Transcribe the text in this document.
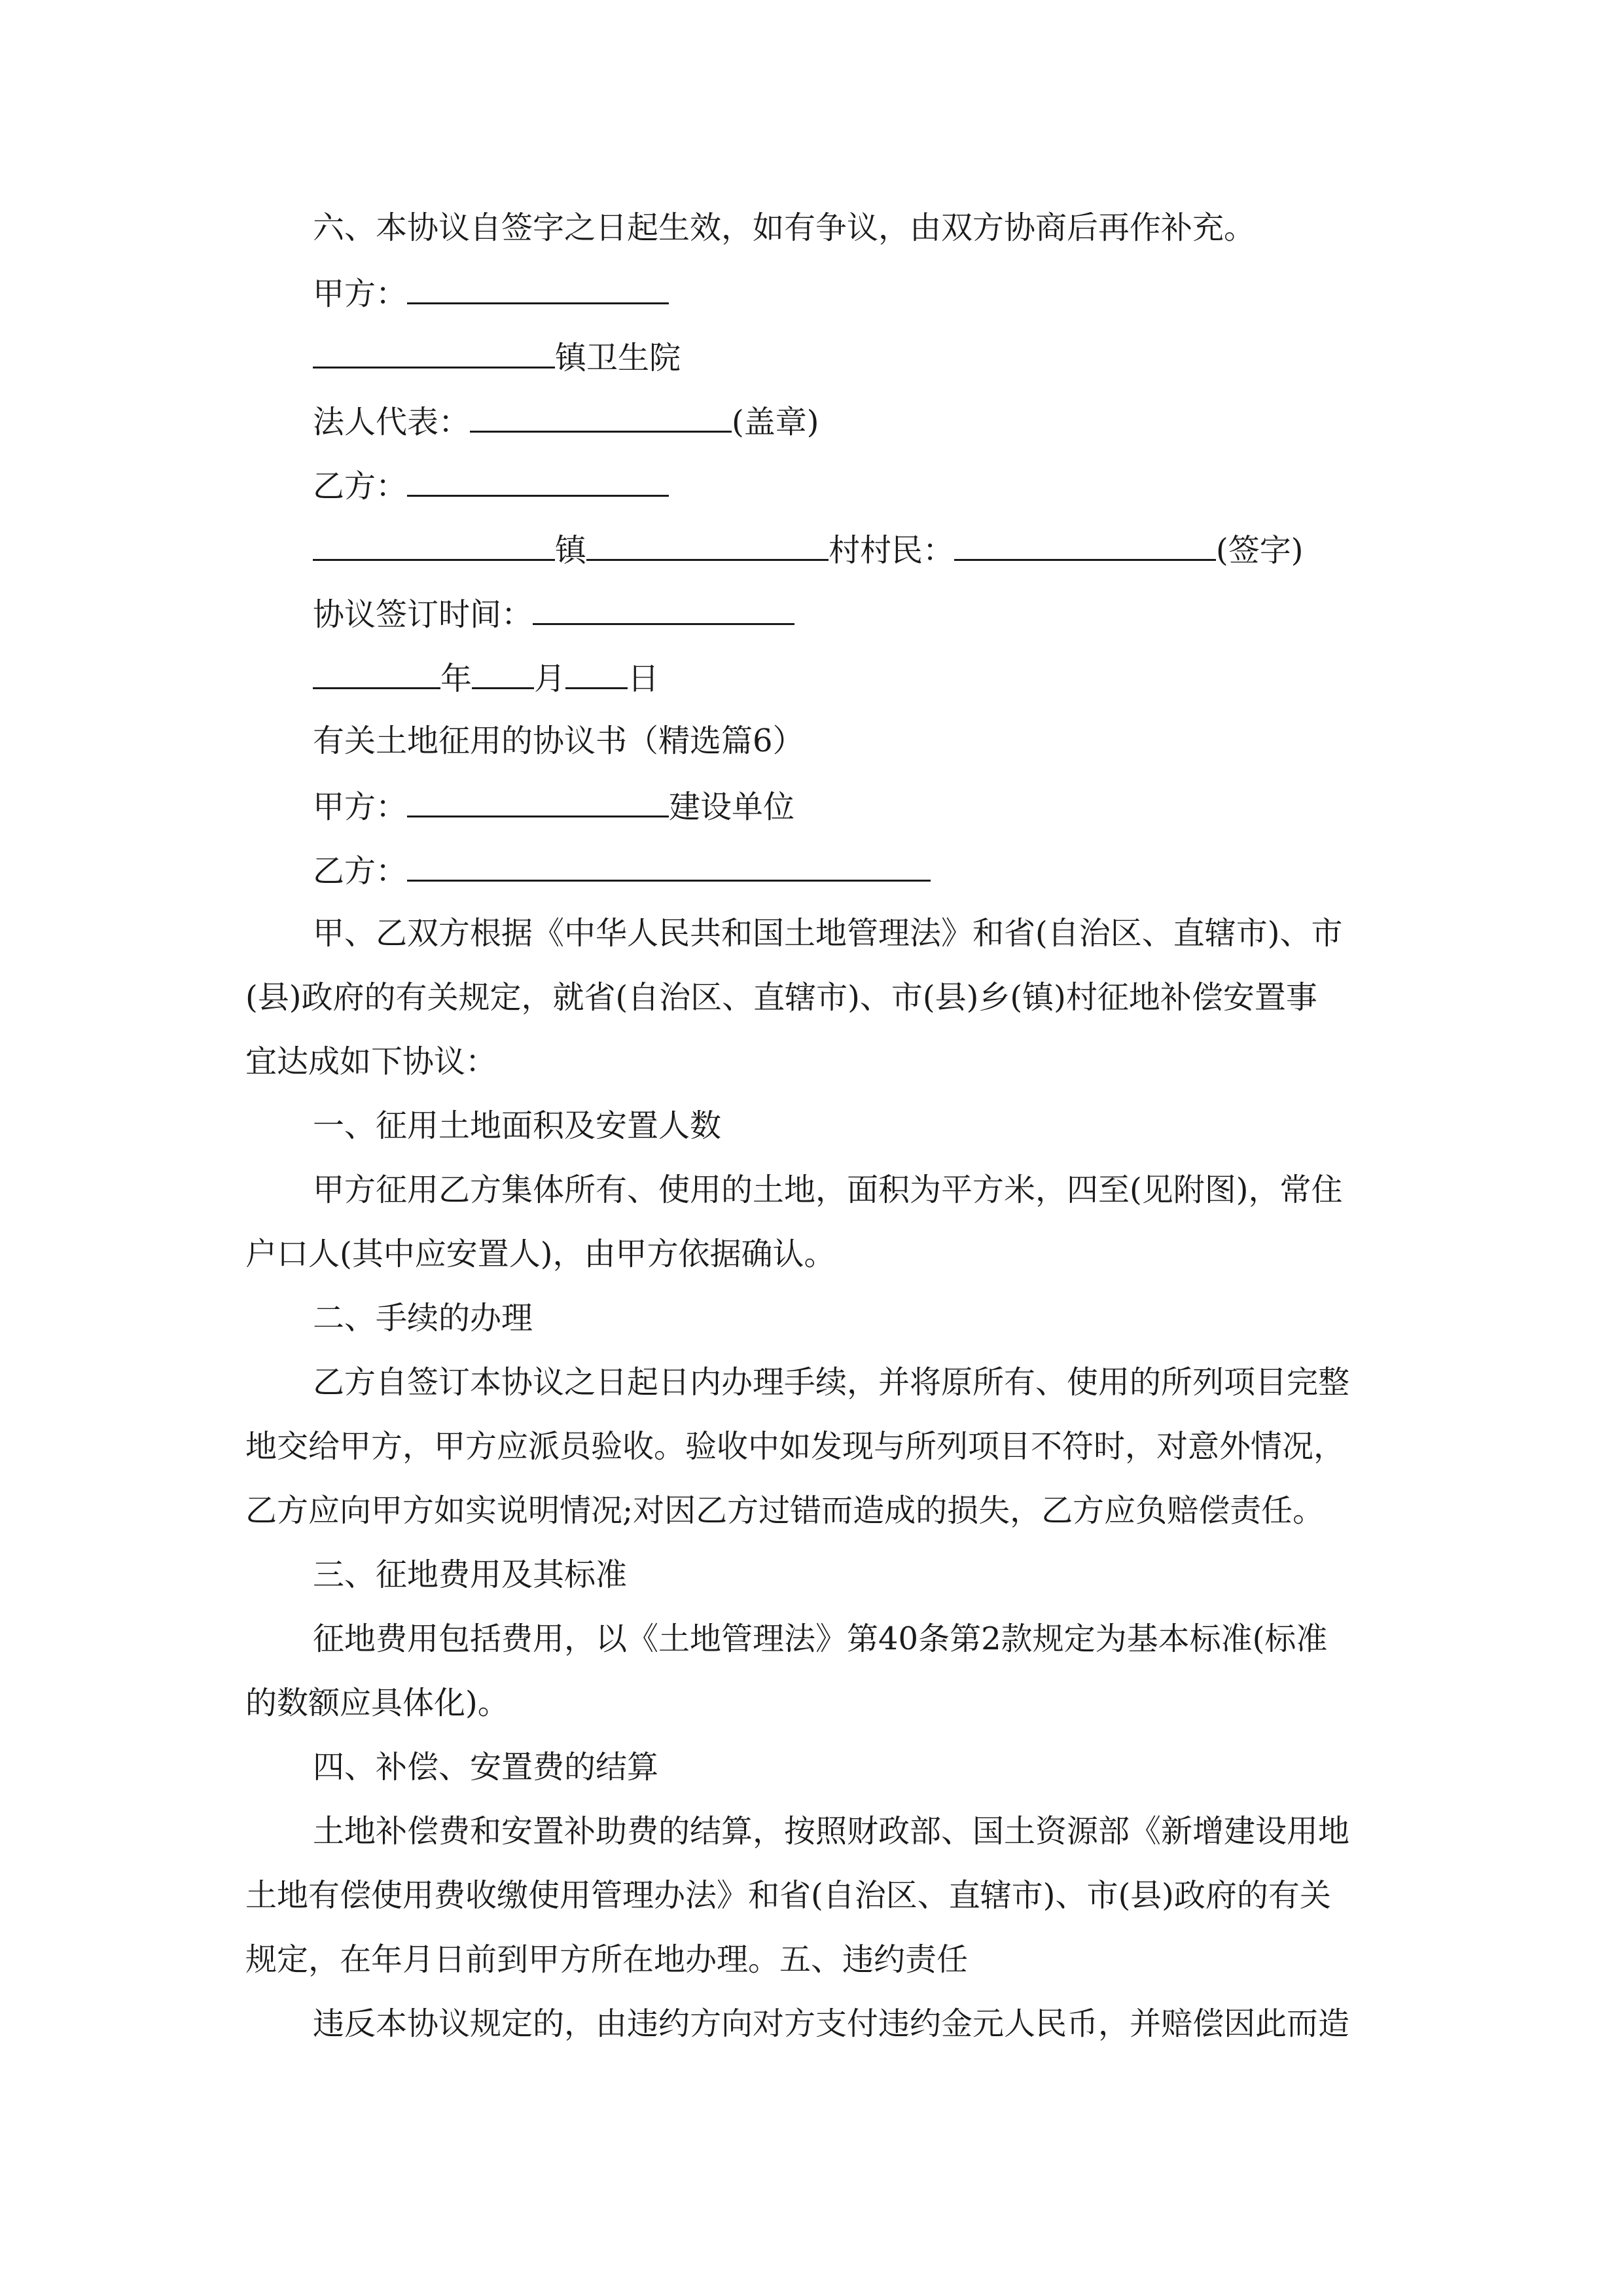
六、本协议自签字之日起生效，如有争议，由双方协商后再作补充。
甲方：
镇卫生院
法人代表：	(盖章)
乙方：
镇	村村民：	(签字)
协议签订时间：
年 月 日
有关土地征用的协议书（精选篇6）
甲方：	建设单位
乙方：
甲、乙双方根据《中华人民共和国土地管理法》和省(自治区、直辖市)、市
(县)政府的有关规定，就省(自治区、直辖市)、市(县)乡(镇)村征地补偿安置事
宜达成如下协议：
一、征用土地面积及安置人数
甲方征用乙方集体所有、使用的土地，面积为平方米，四至(见附图)，常住
户口人(其中应安置人)，由甲方依据确认。
二、手续的办理
乙方自签订本协议之日起日内办理手续，并将原所有、使用的所列项目完整
地交给甲方，甲方应派员验收。验收中如发现与所列项目不符时，对意外情况，
乙方应向甲方如实说明情况;对因乙方过错而造成的损失，乙方应负赔偿责任。
三、征地费用及其标准
征地费用包括费用，以《土地管理法》第40条第2款规定为基本标准(标准
的数额应具体化)。
四、补偿、安置费的结算
土地补偿费和安置补助费的结算，按照财政部、国土资源部《新增建设用地
土地有偿使用费收缴使用管理办法》和省(自治区、直辖市)、市(县)政府的有关
规定，在年月日前到甲方所在地办理。五、违约责任
违反本协议规定的，由违约方向对方支付违约金元人民币，并赔偿因此而造
